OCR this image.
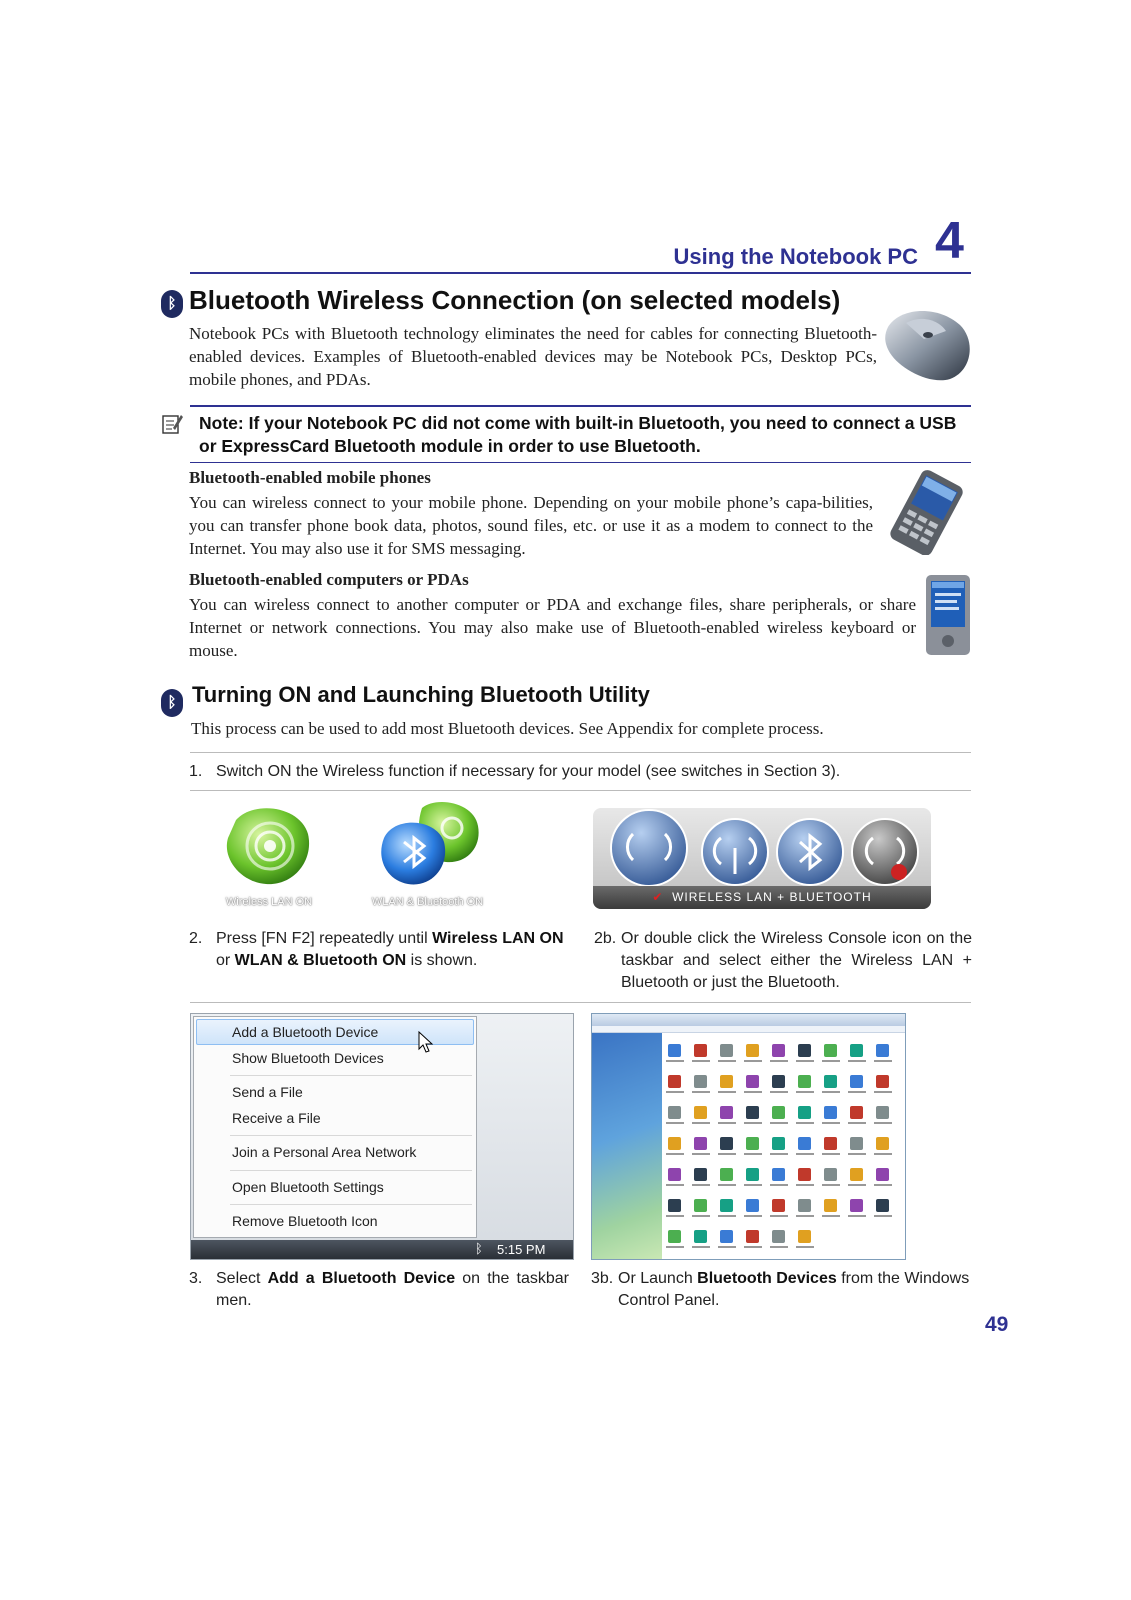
Using the Notebook PC 4
ᛒ Bluetooth Wireless Connection (on selected models)

Notebook PCs with Bluetooth technology eliminates the need for cables for connecting Bluetooth-enabled devices. Examples of Bluetooth-enabled devices may be Notebook PCs, Desktop PCs, mobile phones, and PDAs.

Note: If your Notebook PC did not come with built-in Bluetooth, you need to connect a USB or ExpressCard Bluetooth module in order to use Bluetooth.
Bluetooth-enabled mobile phones

You can wireless connect to your mobile phone. Depending on your mobile phone’s capa-bilities, you can transfer phone book data, photos, sound files, etc. or use it as a modem to connect to the Internet. You may also use it for SMS messaging.

Bluetooth-enabled computers or PDAs

You can wireless connect to another computer or PDA and exchange files, share peripherals, or share Internet or network connections. You may also make use of Bluetooth-enabled wireless keyboard or mouse.

ᛒ Turning ON and Launching Bluetooth Utility

This process can be used to add most Bluetooth devices. See Appendix for complete process.

1. Switch ON the Wireless function if necessary for your model (see switches in Section 3).
Wireless LAN ON	WLAN & Bluetooth ON	✔ WIRELESS LAN + BLUETOOTH
2. Press [FN F2] repeatedly until Wireless LAN ON or WLAN & Bluetooth ON is shown.
2b. Or double click the Wireless Console icon on the taskbar and select either the Wireless LAN + Bluetooth or just the Bluetooth.
Add a Bluetooth Device
Show Bluetooth Devices
Send a File
Receive a File
Join a Personal Area Network
Open Bluetooth Settings
Remove Bluetooth Icon
ᛒ 5:15 PM
3. Select Add a Bluetooth Device on the taskbar men.
3b. Or Launch Bluetooth Devices from the Windows Control Panel.
49
